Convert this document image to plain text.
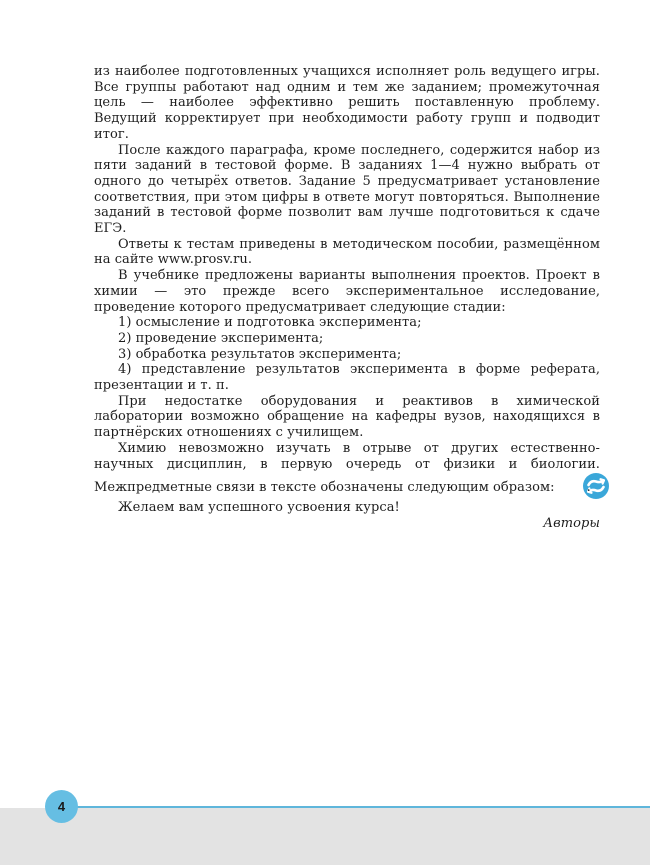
из наиболее подготовленных учащихся исполняет роль ведущего игры. Все группы работают над одним и тем же заданием; промежуточная цель — наиболее эффективно решить поставленную проблему. Ведущий корректирует при необходимости работу групп и подводит итог.

После каждого параграфа, кроме последнего, содержится набор из пяти заданий в тестовой форме. В заданиях 1—4 нужно выбрать от одного до четырёх ответов. Задание 5 предусматривает установление соответствия, при этом цифры в ответе могут повторяться. Выполнение заданий в тестовой форме позволит вам лучше подготовиться к сдаче ЕГЭ.

Ответы к тестам приведены в методическом пособии, размещённом на сайте www.prosv.ru.

В учебнике предложены варианты выполнения проектов. Проект в химии — это прежде всего экспериментальное исследование, проведение которого предусматривает следующие стадии:

1) осмысление и подготовка эксперимента;

2) проведение эксперимента;

3) обработка результатов эксперимента;

4) представление результатов эксперимента в форме реферата, презентации и т. п.

При недостатке оборудования и реактивов в химической лаборатории возможно обращение на кафедры вузов, находящихся в партнёрских отношениях с училищем.

Химию невозможно изучать в отрыве от других естественно-научных дисциплин, в первую очередь от физики и биологии. Межпредметные связи в тексте обозначены следующим образом: .

Желаем вам успешного усвоения курса!

Авторы

4
